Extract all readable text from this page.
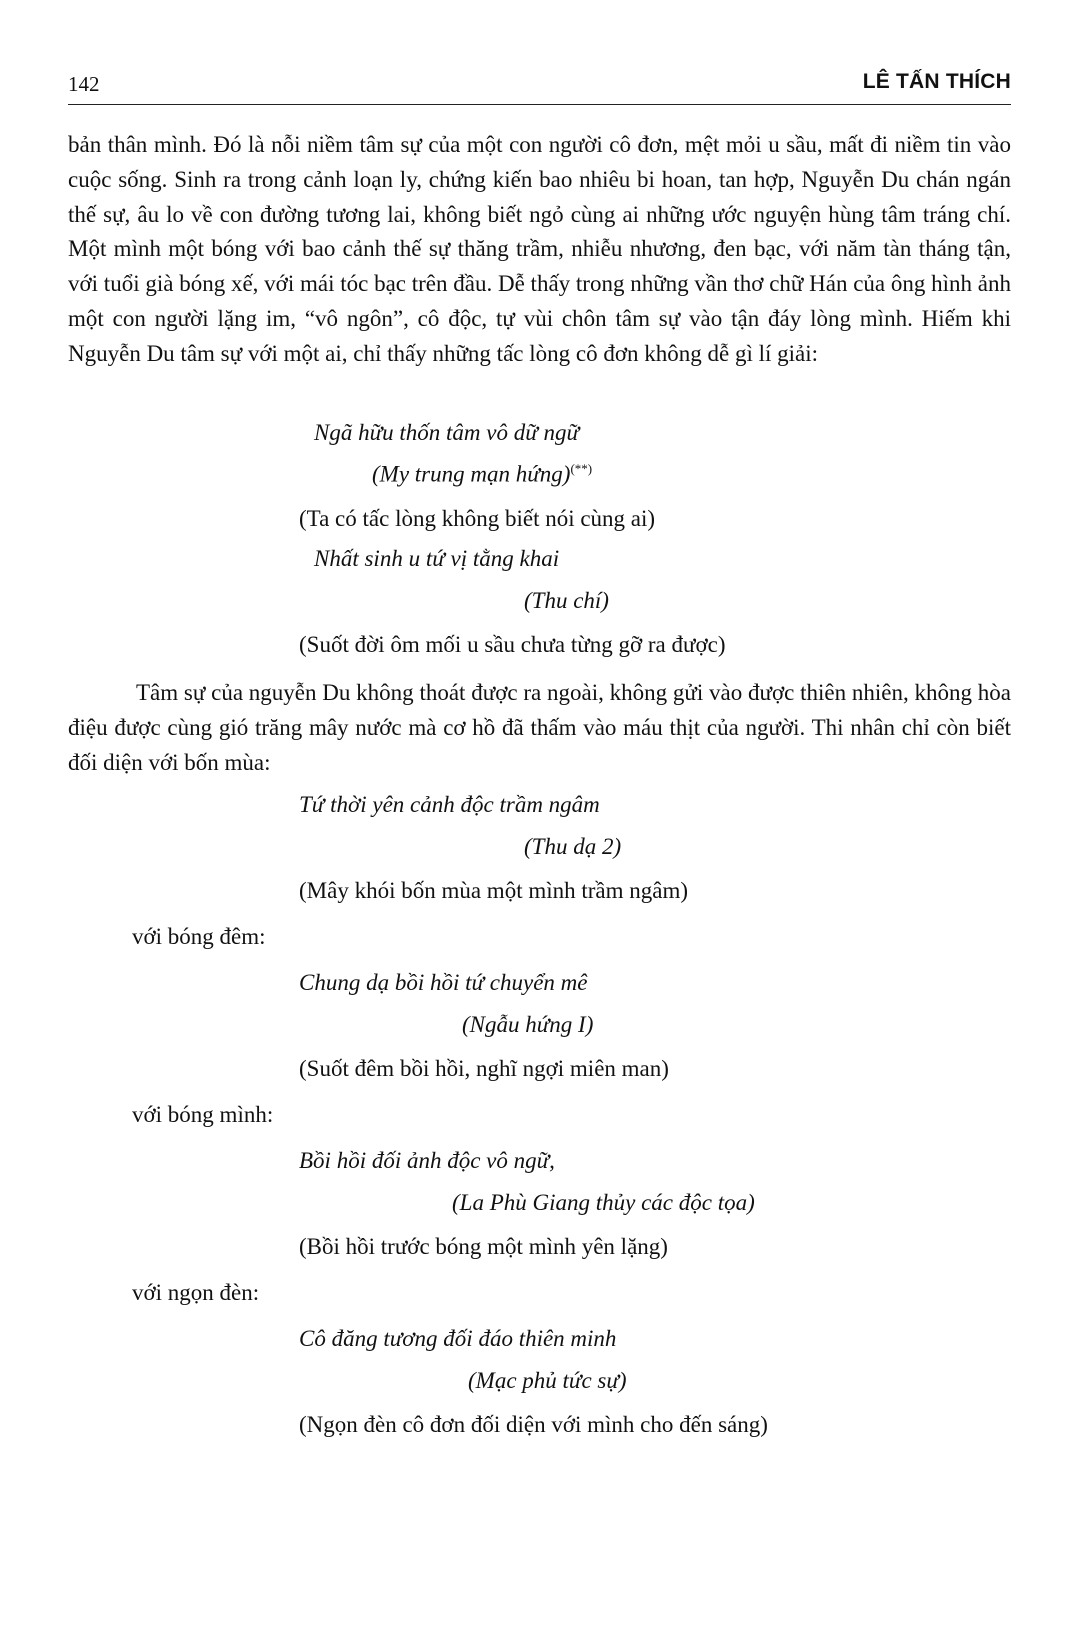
142	LÊ TẤN THÍCH

bản thân mình. Đó là nỗi niềm tâm sự của một con người cô đơn, mệt mỏi u sầu, mất đi niềm tin vào cuộc sống. Sinh ra trong cảnh loạn ly, chứng kiến bao nhiêu bi hoan, tan hợp, Nguyễn Du chán ngán thế sự, âu lo về con đường tương lai, không biết ngỏ cùng ai những ước nguyện hùng tâm tráng chí. Một mình một bóng với bao cảnh thế sự thăng trầm, nhiễu nhương, đen bạc, với năm tàn tháng tận, với tuổi già bóng xế, với mái tóc bạc trên đầu. Dễ thấy trong những vần thơ chữ Hán của ông hình ảnh một con người lặng im, “vô ngôn”, cô độc, tự vùi chôn tâm sự vào tận đáy lòng mình. Hiếm khi Nguyễn Du tâm sự với một ai, chỉ thấy những tấc lòng cô đơn không dễ gì lí giải:

Ngã hữu thốn tâm vô dữ ngữ
(My trung mạn hứng)(**)
(Ta có tấc lòng không biết nói cùng ai)
Nhất sinh u tứ vị tằng khai
(Thu chí)
(Suốt đời ôm mối u sầu chưa từng gỡ ra được)

Tâm sự của nguyễn Du không thoát được ra ngoài, không gửi vào được thiên nhiên, không hòa điệu được cùng gió trăng mây nước mà cơ hồ đã thấm vào máu thịt của người. Thi nhân chỉ còn biết đối diện với bốn mùa:

Tứ thời yên cảnh độc trầm ngâm
(Thu dạ 2)
(Mây khói bốn mùa một mình trầm ngâm)
với bóng đêm:
Chung dạ bồi hồi tứ chuyển mê
(Ngẫu hứng I)
(Suốt đêm bồi hồi, nghĩ ngợi miên man)
với bóng mình:
Bồi hồi đối ảnh độc vô ngữ,
(La Phù Giang thủy các độc tọa)
(Bồi hồi trước bóng một mình yên lặng)
với ngọn đèn:
Cô đăng tương đối đáo thiên minh
(Mạc phủ tức sự)
(Ngọn đèn cô đơn đối diện với mình cho đến sáng)
